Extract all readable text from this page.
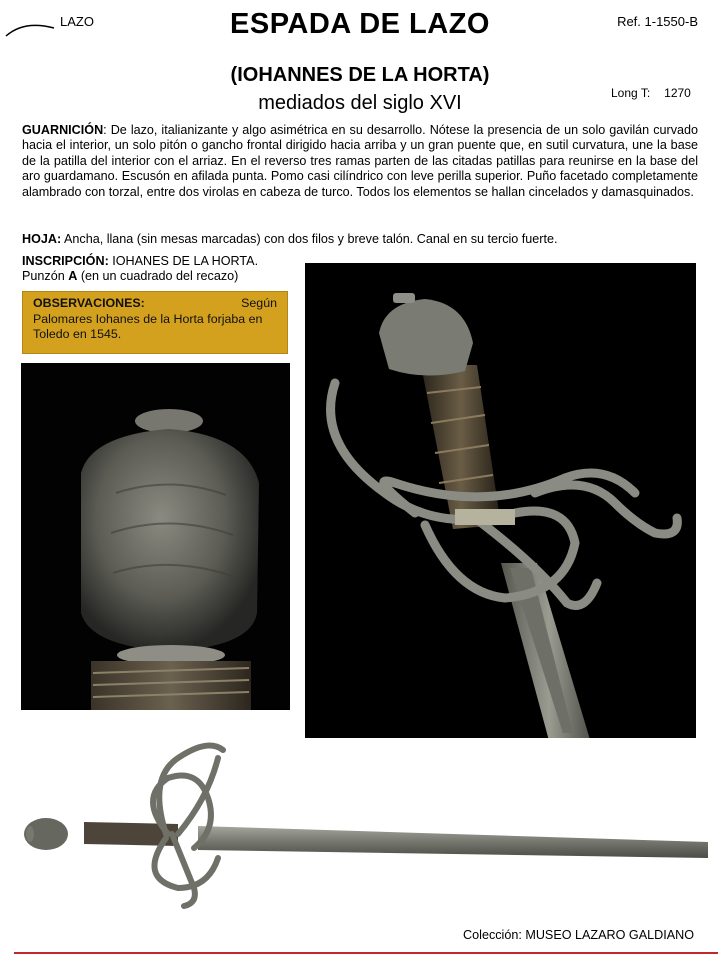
LAZO	ESPADA DE LAZO	Ref. 1-1550-B
(IOHANNES DE LA HORTA)
mediados del siglo XVI	Long T: 1270

GUARNICIÓN: De lazo, italianizante y algo asimétrica en su desarrollo. Nótese la presencia de un solo gavilán curvado hacia el interior, un solo pitón o gancho frontal dirigido hacia arriba y un gran puente que, en sutil curvatura, une la base de la patilla del interior con el arriaz. En el reverso tres ramas parten de las citadas patillas para reunirse en la base del aro guardamano. Escusón en afilada punta. Pomo casi cilíndrico con leve perilla superior. Puño facetado completamente alambrado con torzal, entre dos virolas en cabeza de turco. Todos los elementos se hallan cincelados y damasquinados.

HOJA: Ancha, llana (sin mesas marcadas) con dos filos y breve talón. Canal en su tercio fuerte.
INSCRIPCIÓN: IOHANES DE LA HORTA.
Punzón A (en un cuadrado del recazo)
OBSERVACIONES:	Según
Palomares Iohanes de la Horta forjaba en Toledo en 1545.
Colección: MUSEO LAZARO GALDIANO
